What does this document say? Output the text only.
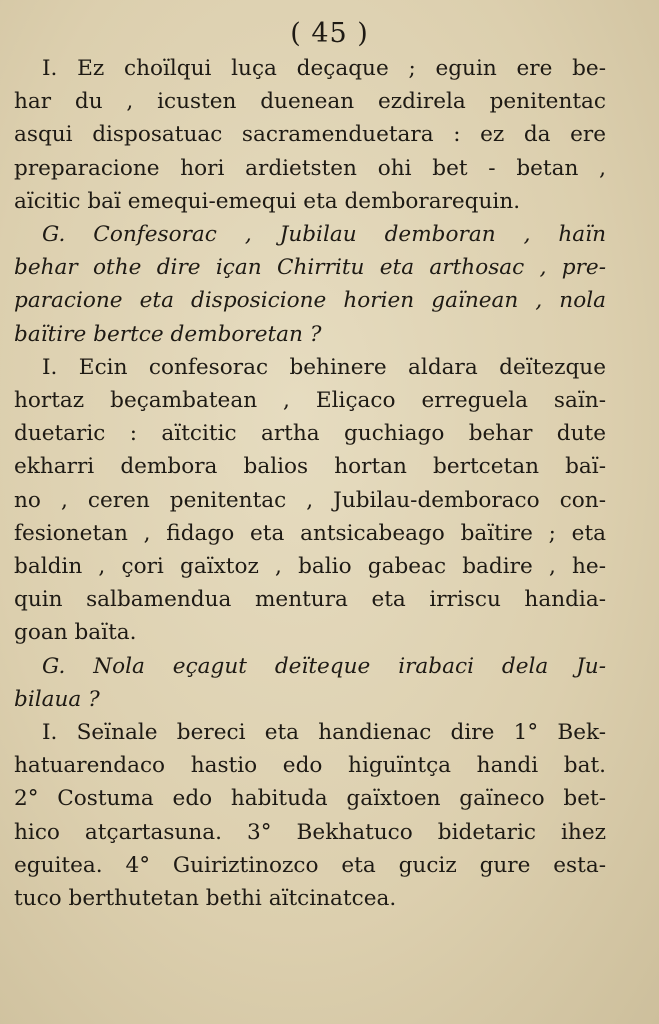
( 45 )
I. Ez choïlqui luça deçaque ; eguin ere be-
har du , icusten duenean ezdirela penitentac
asqui disposatuac sacramenduetara : ez da ere
preparacione hori ardietsten ohi bet - betan ,
aïcitic baï emequi-emequi eta demborarequin.
G. Confesorac , Jubilau demboran , haïn
behar othe dire içan Chirritu eta arthosac , pre-
paracione eta disposicione horien gaïnean , nola
baïtire bertce demboretan ?
I. Ecin confesorac behinere aldara deïtezque
hortaz beçambatean , Eliçaco erreguela saïn-
duetaric : aïtcitic artha guchiago behar dute
ekharri dembora balios hortan bertcetan baï-
no , ceren penitentac , Jubilau-demboraco con-
fesionetan , fidago eta antsicabeago baïtire ; eta
baldin , çori gaïxtoz , balio gabeac badire , he-
quin salbamendua mentura eta irriscu handia-
goan baïta.
G. Nola eçagut deïteque irabaci dela Ju-
bilaua ?
I. Seïnale bereci eta handienac dire 1° Bek-
hatuarendaco hastio edo higuïntça handi bat.
2° Costuma edo habituda gaïxtoen gaïneco bet-
hico atçartasuna. 3° Bekhatuco bidetaric ihez
eguitea. 4° Guiriztinozco eta guciz gure esta-
tuco berthutetan bethi aïtcinatcea.
